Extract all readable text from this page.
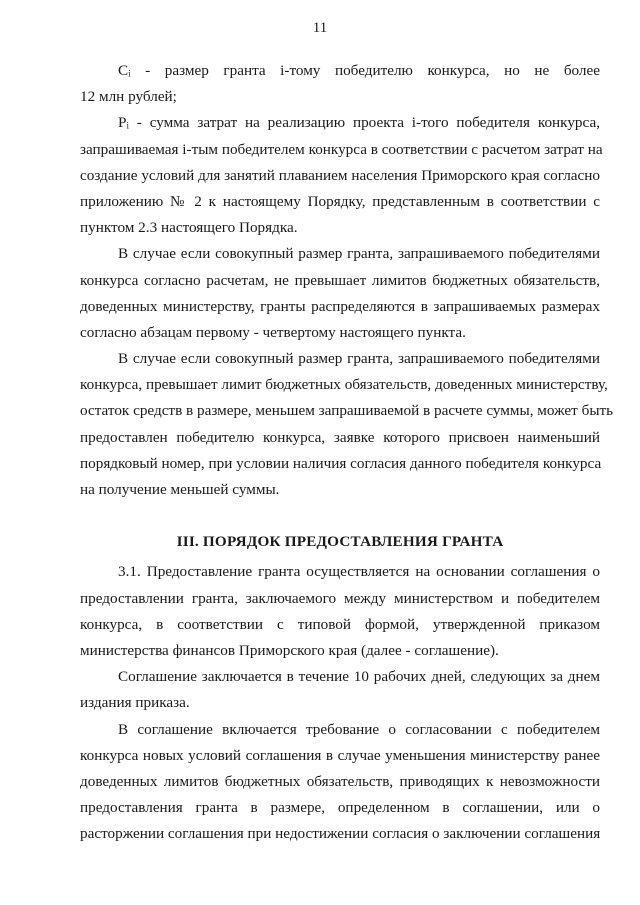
11
Cᵢ - размер гранта i-тому победителю конкурса, но не более
12 млн рублей;
Pᵢ - сумма затрат на реализацию проекта i-того победителя конкурса,
запрашиваемая i-тым победителем конкурса в соответствии с расчетом затрат на
создание условий для занятий плаванием населения Приморского края согласно
приложению № 2 к настоящему Порядку, представленным в соответствии с
пунктом 2.3 настоящего Порядка.
В случае если совокупный размер гранта, запрашиваемого победителями
конкурса согласно расчетам, не превышает лимитов бюджетных обязательств,
доведенных министерству, гранты распределяются в запрашиваемых размерах
согласно абзацам первому - четвертому настоящего пункта.
В случае если совокупный размер гранта, запрашиваемого победителями
конкурса, превышает лимит бюджетных обязательств, доведенных министерству,
остаток средств в размере, меньшем запрашиваемой в расчете суммы, может быть
предоставлен победителю конкурса, заявке которого присвоен наименьший
порядковый номер, при условии наличия согласия данного победителя конкурса
на получение меньшей суммы.
III. ПОРЯДОК ПРЕДОСТАВЛЕНИЯ ГРАНТА
3.1. Предоставление гранта осуществляется на основании соглашения о
предоставлении гранта, заключаемого между министерством и победителем
конкурса, в соответствии с типовой формой, утвержденной приказом
министерства финансов Приморского края (далее - соглашение).
Соглашение заключается в течение 10 рабочих дней, следующих за днем
издания приказа.
В соглашение включается требование о согласовании с победителем
конкурса новых условий соглашения в случае уменьшения министерству ранее
доведенных лимитов бюджетных обязательств, приводящих к невозможности
предоставления гранта в размере, определенном в соглашении, или о
расторжении соглашения при недостижении согласия о заключении соглашения
